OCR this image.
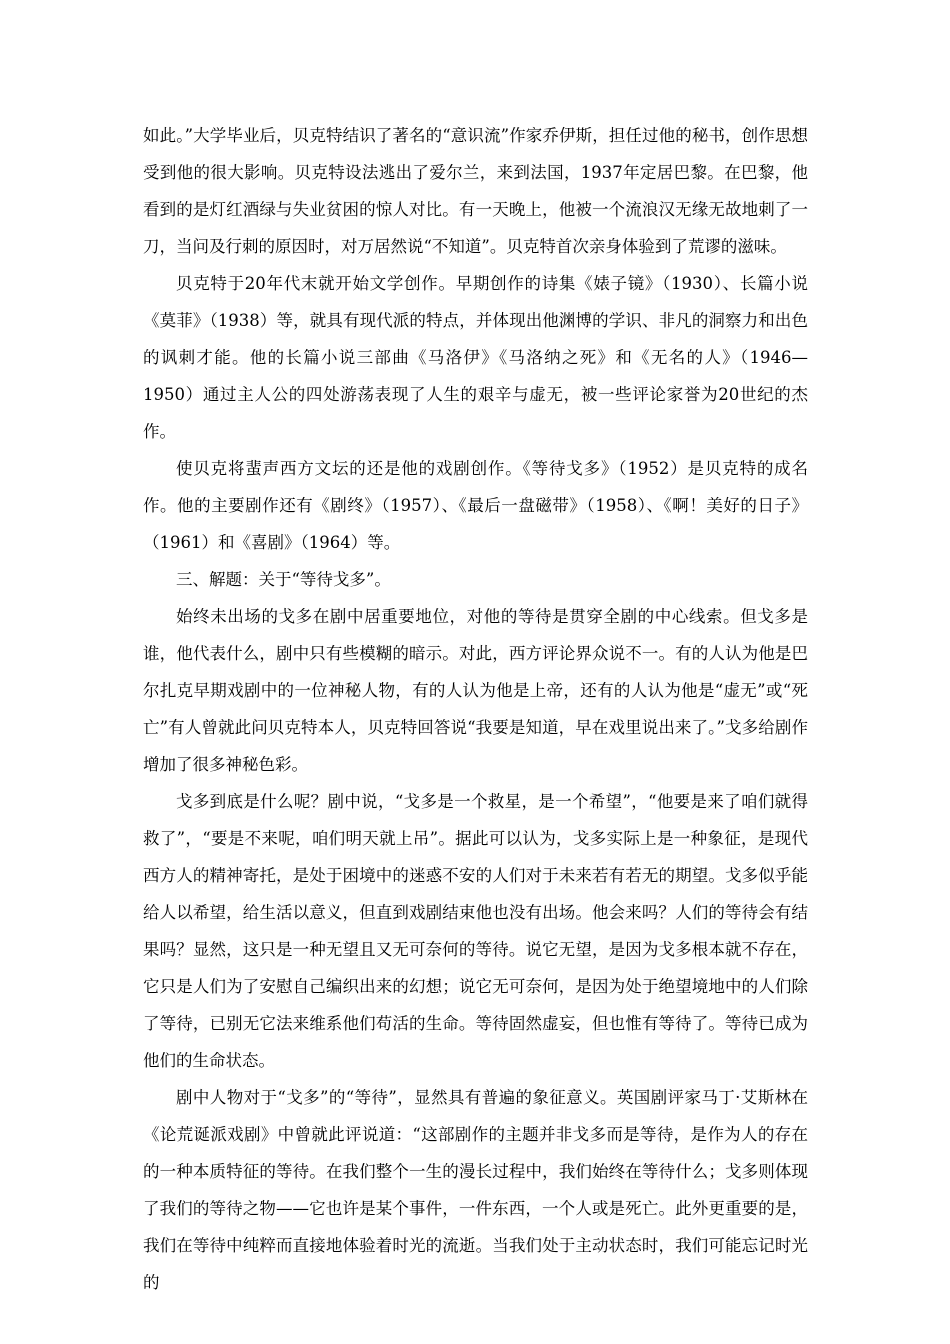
如此。”大学毕业后，贝克特结识了著名的“意识流”作家乔伊斯，担任过他的秘书，创作思想受到他的很大影响。贝克特设法逃出了爱尔兰，来到法国，1937年定居巴黎。在巴黎，他看到的是灯红酒绿与失业贫困的惊人对比。有一天晚上，他被一个流浪汉无缘无故地刺了一刀，当问及行刺的原因时，对万居然说“不知道”。贝克特首次亲身体验到了荒谬的滋味。

贝克特于20年代末就开始文学创作。早期创作的诗集《婊子镜》（1930）、长篇小说《莫菲》（1938）等，就具有现代派的特点，并体现出他渊博的学识、非凡的洞察力和出色的讽刺才能。他的长篇小说三部曲《马洛伊》《马洛纳之死》和《无名的人》（1946—1950）通过主人公的四处游荡表现了人生的艰辛与虚无，被一些评论家誉为20世纪的杰作。

使贝克将蜚声西方文坛的还是他的戏剧创作。《等待戈多》（1952）是贝克特的成名作。他的主要剧作还有《剧终》（1957）、《最后一盘磁带》（1958）、《啊！美好的日子》（1961）和《喜剧》（1964）等。

三、解题：关于“等待戈多”。

始终未出场的戈多在剧中居重要地位，对他的等待是贯穿全剧的中心线索。但戈多是谁，他代表什么，剧中只有些模糊的暗示。对此，西方评论界众说不一。有的人认为他是巴尔扎克早期戏剧中的一位神秘人物，有的人认为他是上帝，还有的人认为他是“虚无”或“死亡”有人曾就此问贝克特本人，贝克特回答说“我要是知道，早在戏里说出来了。”戈多给剧作增加了很多神秘色彩。

戈多到底是什么呢？剧中说，“戈多是一个救星，是一个希望”，“他要是来了咱们就得救了”，“要是不来呢，咱们明天就上吊”。据此可以认为，戈多实际上是一种象征，是现代西方人的精神寄托，是处于困境中的迷惑不安的人们对于未来若有若无的期望。戈多似乎能给人以希望，给生活以意义，但直到戏剧结束他也没有出场。他会来吗？人们的等待会有结果吗？显然，这只是一种无望且又无可奈何的等待。说它无望，是因为戈多根本就不存在，它只是人们为了安慰自己编织出来的幻想；说它无可奈何，是因为处于绝望境地中的人们除了等待，已别无它法来维系他们苟活的生命。等待固然虚妄，但也惟有等待了。等待已成为他们的生命状态。

剧中人物对于“戈多”的“等待”，显然具有普遍的象征意义。英国剧评家马丁·艾斯林在《论荒诞派戏剧》中曾就此评说道：“这部剧作的主题并非戈多而是等待，是作为人的存在的一种本质特征的等待。在我们整个一生的漫长过程中，我们始终在等待什么；戈多则体现了我们的等待之物——它也许是某个事件，一件东西，一个人或是死亡。此外更重要的是，我们在等待中纯粹而直接地体验着时光的流逝。当我们处于主动状态时，我们可能忘记时光的
